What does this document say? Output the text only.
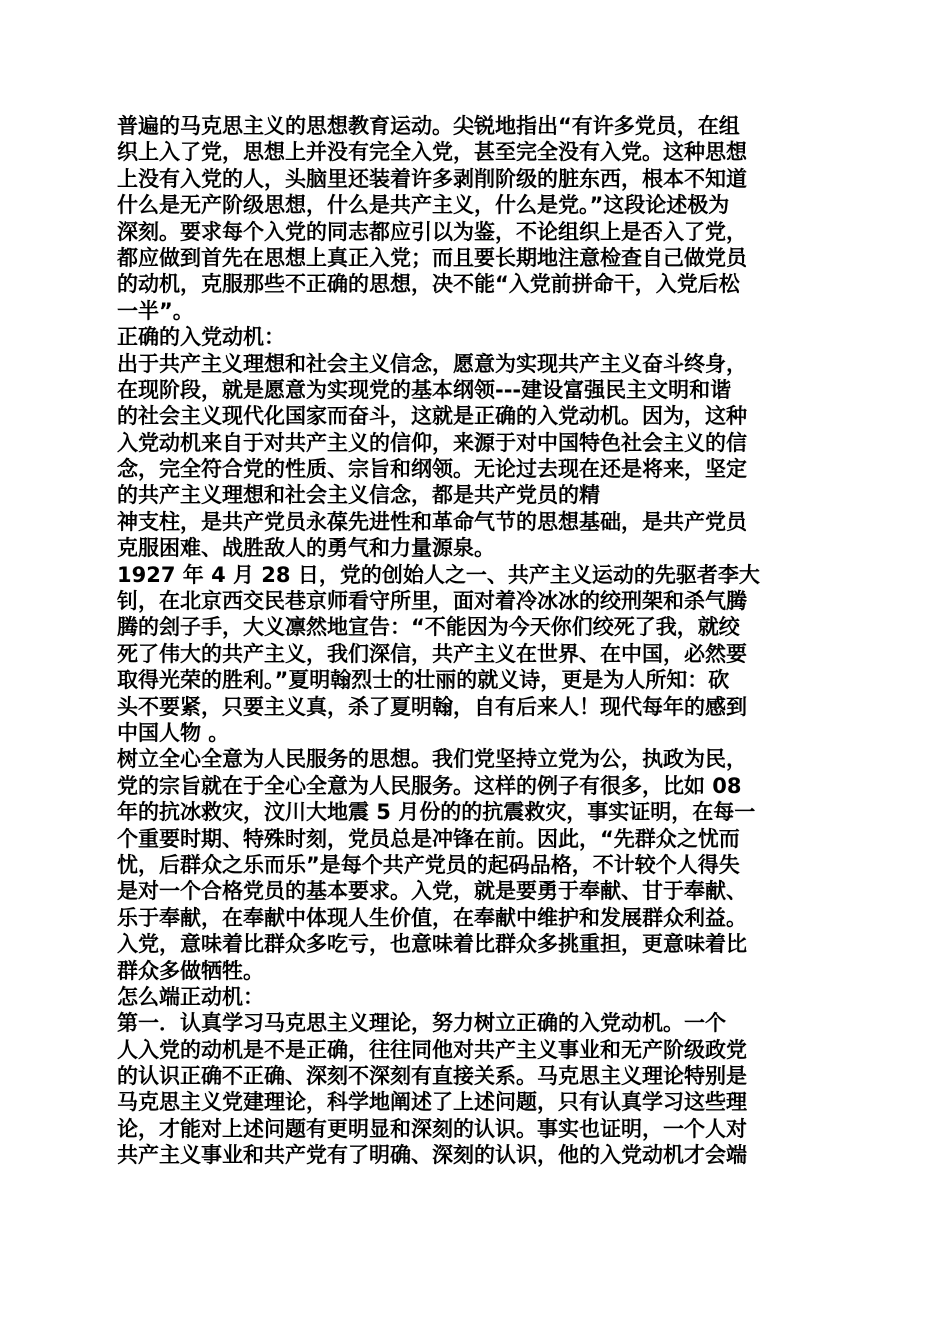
普遍的马克思主义的思想教育运动。尖锐地指出“有许多党员，在组
织上入了党，思想上并没有完全入党，甚至完全没有入党。这种思想
上没有入党的人，头脑里还装着许多剥削阶级的脏东西，根本不知道
什么是无产阶级思想，什么是共产主义，什么是党。”这段论述极为
深刻。要求每个入党的同志都应引以为鉴，不论组织上是否入了党，
都应做到首先在思想上真正入党；而且要长期地注意检查自己做党员
的动机，克服那些不正确的思想，决不能“入党前拼命干，入党后松
一半”。
正确的入党动机：
出于共产主义理想和社会主义信念，愿意为实现共产主义奋斗终身，
在现阶段，就是愿意为实现党的基本纲领---建设富强民主文明和谐
的社会主义现代化国家而奋斗，这就是正确的入党动机。因为，这种
入党动机来自于对共产主义的信仰，来源于对中国特色社会主义的信
念，完全符合党的性质、宗旨和纲领。无论过去现在还是将来，坚定
的共产主义理想和社会主义信念，都是共产党员的精
神支柱，是共产党员永葆先进性和革命气节的思想基础，是共产党员
克服困难、战胜敌人的勇气和力量源泉。
1927 年 4 月 28 日，党的创始人之一、共产主义运动的先驱者李大
钊，在北京西交民巷京师看守所里，面对着冷冰冰的绞刑架和杀气腾
腾的刽子手，大义凛然地宣告：“不能因为今天你们绞死了我，就绞
死了伟大的共产主义，我们深信，共产主义在世界、在中国，必然要
取得光荣的胜利。”夏明翰烈士的壮丽的就义诗，更是为人所知：砍
头不要紧，只要主义真，杀了夏明翰，自有后来人！现代每年的感到
中国人物 。
树立全心全意为人民服务的思想。我们党坚持立党为公，执政为民，
党的宗旨就在于全心全意为人民服务。这样的例子有很多，比如 08
年的抗冰救灾，汶川大地震 5 月份的的抗震救灾，事实证明，在每一
个重要时期、特殊时刻，党员总是冲锋在前。因此，“先群众之忧而
忧，后群众之乐而乐”是每个共产党员的起码品格，不计较个人得失
是对一个合格党员的基本要求。入党，就是要勇于奉献、甘于奉献、
乐于奉献，在奉献中体现人生价值，在奉献中维护和发展群众利益。
入党，意味着比群众多吃亏，也意味着比群众多挑重担，更意味着比
群众多做牺牲。
怎么端正动机：
第一．认真学习马克思主义理论，努力树立正确的入党动机。一个
人入党的动机是不是正确，往往同他对共产主义事业和无产阶级政党
的认识正确不正确、深刻不深刻有直接关系。马克思主义理论特别是
马克思主义党建理论，科学地阐述了上述问题，只有认真学习这些理
论，才能对上述问题有更明显和深刻的认识。事实也证明，一个人对
共产主义事业和共产党有了明确、深刻的认识，他的入党动机才会端
